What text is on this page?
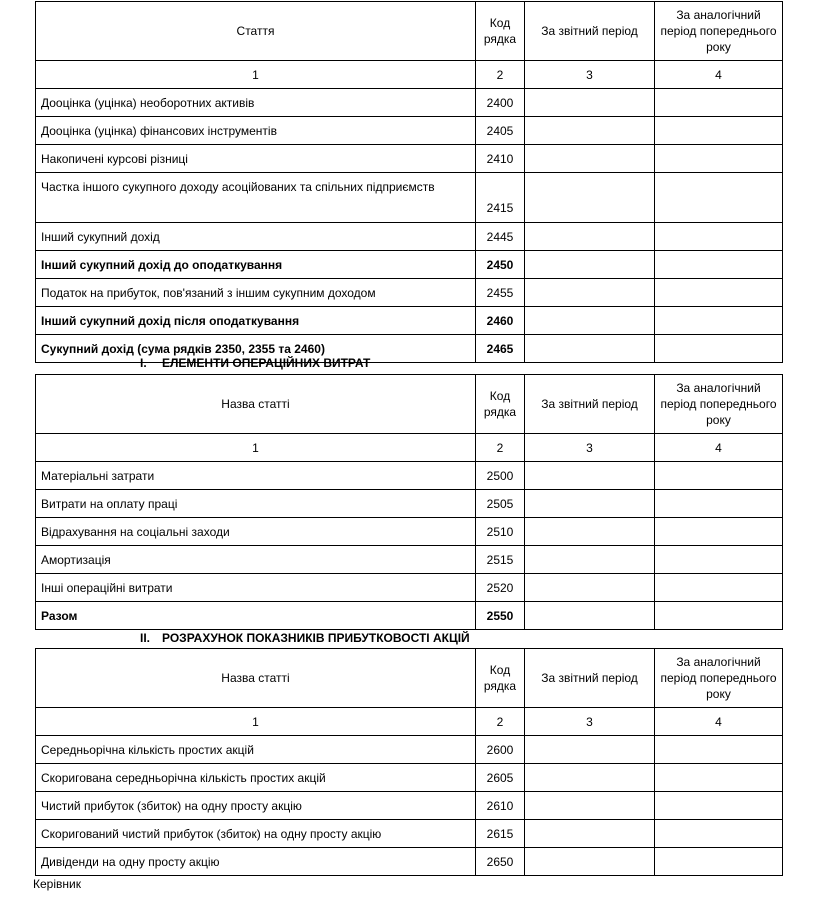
Стаття	Код рядка	За звітний період	За аналогічний період попереднього року
1	2	3	4
Дооцінка (уцінка) необоротних активів	2400		
Дооцінка (уцінка) фінансових інструментів	2405		
Накопичені курсові різниці	2410		
Частка іншого сукупного доходу асоційованих та спільних підприємств	2415		
Інший сукупний дохід	2445		
Інший сукупний дохід до оподаткування	2450		
Податок на прибуток, пов'язаний з іншим сукупним доходом	2455		
Інший сукупний дохід після оподаткування	2460		
Сукупний дохід (сума рядків 2350, 2355 та 2460)	2465		
I. ЕЛЕМЕНТИ ОПЕРАЦІЙНИХ ВИТРАТ
Назва статті	Код рядка	За звітний період	За аналогічний період попереднього року
1	2	3	4
Матеріальні затрати	2500		
Витрати на оплату праці	2505		
Відрахування на соціальні заходи	2510		
Амортизація	2515		
Інші операційні витрати	2520		
Разом	2550		
II. РОЗРАХУНОК ПОКАЗНИКІВ ПРИБУТКОВОСТІ АКЦІЙ
Назва статті	Код рядка	За звітний період	За аналогічний період попереднього року
1	2	3	4
Середньорічна кількість простих акцій	2600		
Скоригована середньорічна кількість простих акцій	2605		
Чистий прибуток (збиток) на одну просту акцію	2610		
Скоригований чистий прибуток (збиток) на одну просту акцію	2615		
Дивіденди на одну просту акцію	2650		
Керівник
